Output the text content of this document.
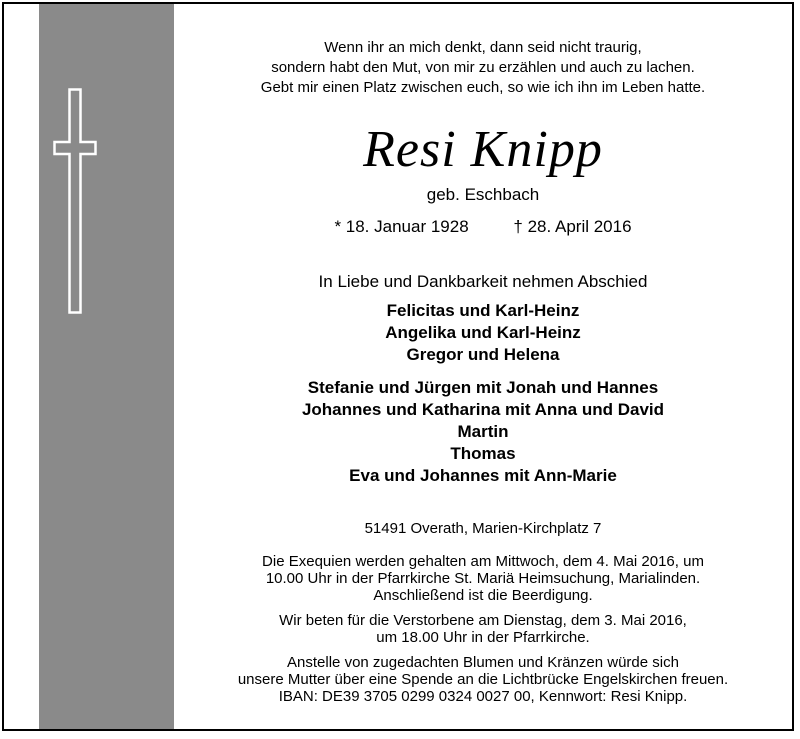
Wenn ihr an mich denkt, dann seid nicht traurig,
sondern habt den Mut, von mir zu erzählen und auch zu lachen.
Gebt mir einen Platz zwischen euch, so wie ich ihn im Leben hatte.
Resi Knipp
geb. Eschbach
* 18. Januar 1928	† 28. April 2016
In Liebe und Dankbarkeit nehmen Abschied
Felicitas und Karl-Heinz
Angelika und Karl-Heinz
Gregor und Helena
Stefanie und Jürgen mit Jonah und Hannes
Johannes und Katharina mit Anna und David
Martin
Thomas
Eva und Johannes mit Ann-Marie
51491 Overath, Marien-Kirchplatz 7
Die Exequien werden gehalten am Mittwoch, dem 4. Mai 2016, um
10.00 Uhr in der Pfarrkirche St. Mariä Heimsuchung, Marialinden.
Anschließend ist die Beerdigung.
Wir beten für die Verstorbene am Dienstag, dem 3. Mai 2016,
um 18.00 Uhr in der Pfarrkirche.
Anstelle von zugedachten Blumen und Kränzen würde sich
unsere Mutter über eine Spende an die Lichtbrücke Engelskirchen freuen.
IBAN: DE39 3705 0299 0324 0027 00, Kennwort: Resi Knipp.
